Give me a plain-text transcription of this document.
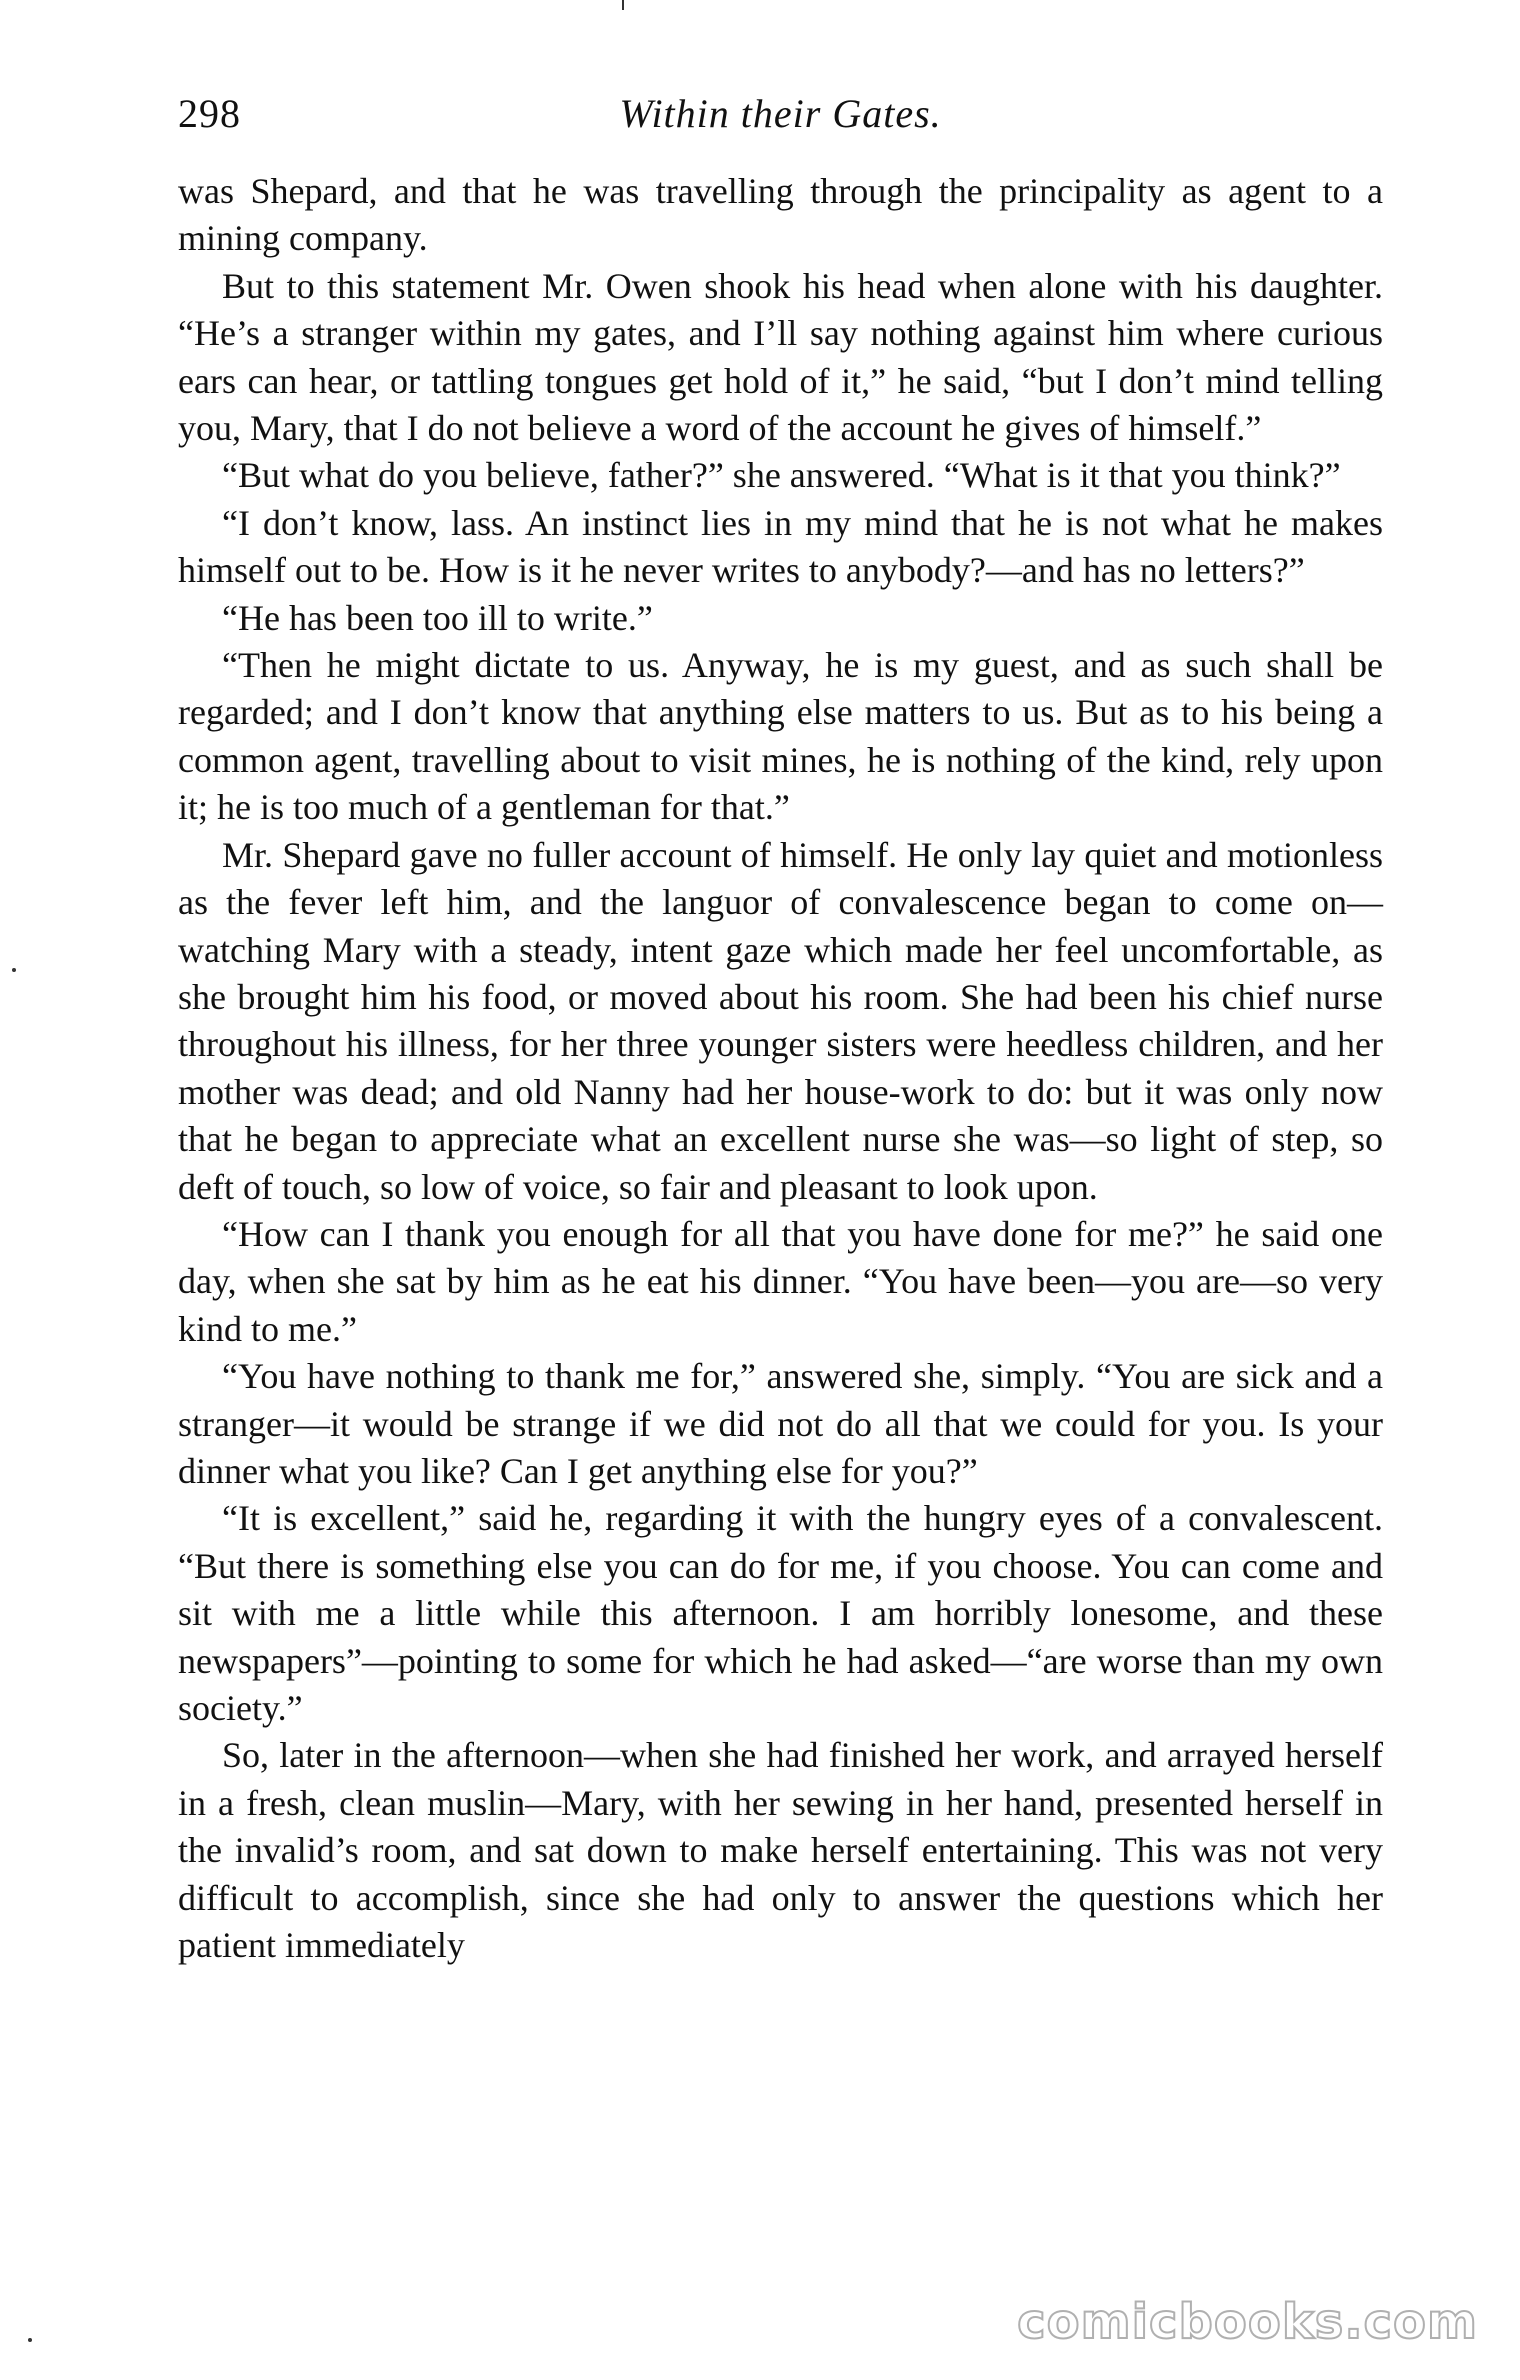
298	Within their Gates.

was Shepard, and that he was travelling through the principality as agent to a mining company.

But to this statement Mr. Owen shook his head when alone with his daughter. “He’s a stranger within my gates, and I’ll say nothing against him where curious ears can hear, or tattling tongues get hold of it,” he said, “but I don’t mind telling you, Mary, that I do not believe a word of the account he gives of himself.”

“But what do you believe, father?” she answered. “What is it that you think?”

“I don’t know, lass. An instinct lies in my mind that he is not what he makes himself out to be. How is it he never writes to anybody?—and has no letters?”

“He has been too ill to write.”

“Then he might dictate to us. Anyway, he is my guest, and as such shall be regarded; and I don’t know that anything else matters to us. But as to his being a common agent, travelling about to visit mines, he is nothing of the kind, rely upon it; he is too much of a gentleman for that.”

Mr. Shepard gave no fuller account of himself. He only lay quiet and motionless as the fever left him, and the languor of convalescence began to come on—watching Mary with a steady, intent gaze which made her feel uncomfortable, as she brought him his food, or moved about his room. She had been his chief nurse throughout his illness, for her three younger sisters were heedless children, and her mother was dead; and old Nanny had her house-work to do: but it was only now that he began to appreciate what an excellent nurse she was—so light of step, so deft of touch, so low of voice, so fair and pleasant to look upon.

“How can I thank you enough for all that you have done for me?” he said one day, when she sat by him as he eat his dinner. “You have been—you are—so very kind to me.”

“You have nothing to thank me for,” answered she, simply. “You are sick and a stranger—it would be strange if we did not do all that we could for you. Is your dinner what you like? Can I get anything else for you?”

“It is excellent,” said he, regarding it with the hungry eyes of a convalescent. “But there is something else you can do for me, if you choose. You can come and sit with me a little while this afternoon. I am horribly lonesome, and these newspapers”—pointing to some for which he had asked—“are worse than my own society.”

So, later in the afternoon—when she had finished her work, and arrayed herself in a fresh, clean muslin—Mary, with her sewing in her hand, presented herself in the invalid’s room, and sat down to make herself entertaining. This was not very difficult to accomplish, since she had only to answer the questions which her patient immediately

comicbooks.com
